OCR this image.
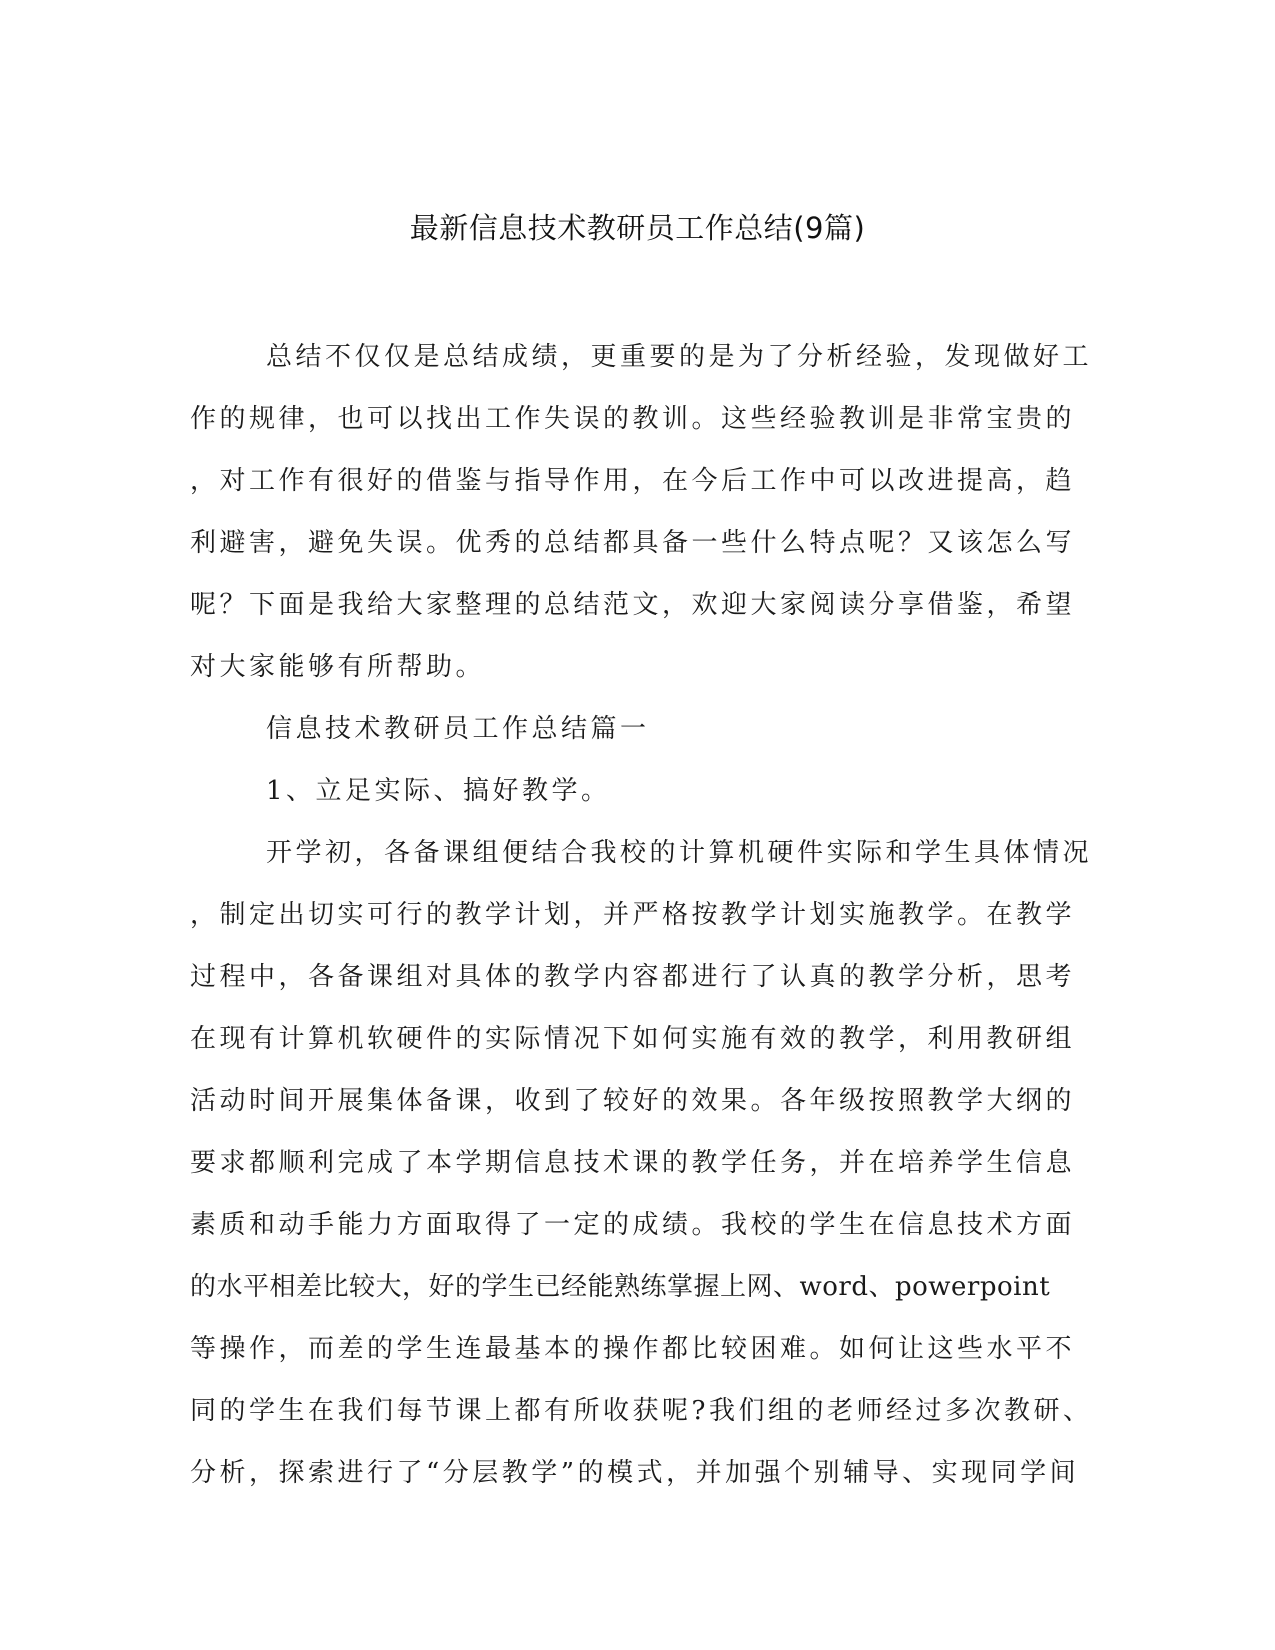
最新信息技术教研员工作总结(9篇)
总结不仅仅是总结成绩，更重要的是为了分析经验，发现做好工
作的规律，也可以找出工作失误的教训。这些经验教训是非常宝贵的
，对工作有很好的借鉴与指导作用，在今后工作中可以改进提高，趋
利避害，避免失误。优秀的总结都具备一些什么特点呢？又该怎么写
呢？下面是我给大家整理的总结范文，欢迎大家阅读分享借鉴，希望
对大家能够有所帮助。
信息技术教研员工作总结篇一
1、立足实际、搞好教学。
开学初，各备课组便结合我校的计算机硬件实际和学生具体情况
，制定出切实可行的教学计划，并严格按教学计划实施教学。在教学
过程中，各备课组对具体的教学内容都进行了认真的教学分析，思考
在现有计算机软硬件的实际情况下如何实施有效的教学，利用教研组
活动时间开展集体备课，收到了较好的效果。各年级按照教学大纲的
要求都顺利完成了本学期信息技术课的教学任务，并在培养学生信息
素质和动手能力方面取得了一定的成绩。我校的学生在信息技术方面
的水平相差比较大，好的学生已经能熟练掌握上网、word、powerpoint
等操作，而差的学生连最基本的操作都比较困难。如何让这些水平不
同的学生在我们每节课上都有所收获呢?我们组的老师经过多次教研、
分析，探索进行了“分层教学”的模式，并加强个别辅导、实现同学间
